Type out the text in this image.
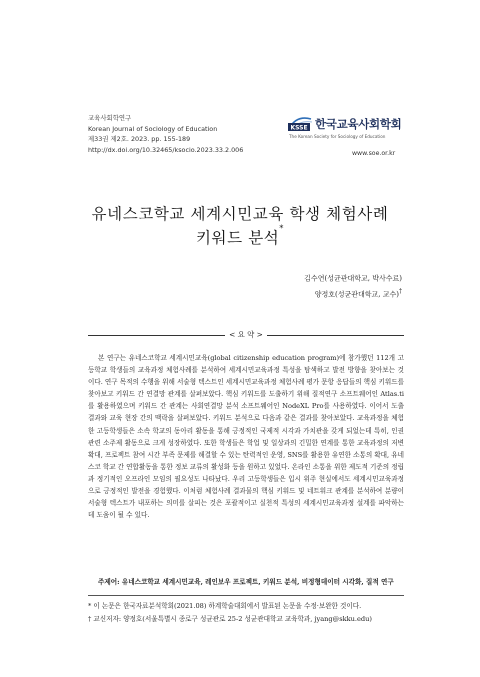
교육사회학연구
Korean Journal of Sociology of Education
제33권 제2호. 2023. pp. 155-189
http://dx.doi.org/10.32465/ksocio.2023.33.2.006
KSSE 한국교육사회학회
The Korean Society for Sociology of Education
www.soe.or.kr
유네스코학교 세계시민교육 학생 체험사례
키워드 분석*
김수연(성균관대학교, 박사수료)
양정호(성균관대학교, 교수)†
< 요 약 >

본 연구는 유네스코학교 세계시민교육(global citizenship education program)에 참가했던 112개 고등학교 학생들의 교육과정 체험사례를 분석하여 세계시민교육과정 특성을 탐색하고 발전 방향을 찾아보는 것이다. 연구 목적의 수행을 위해 서술형 텍스트인 세계시민교육과정 체험사례 평가 문항 응답들의 핵심 키워드를 찾아보고 키워드 간 연결망 관계를 살펴보았다. 핵심 키워드를 도출하기 위해 질적연구 소프트웨어인 Atlas.ti를 활용하였으며 키워드 간 관계는 사회연결망 분석 소프트웨어인 NodeXL Pro를 사용하였다. 이어서 도출 결과와 교육 현장 간의 맥락을 살펴보았다. 키워드 분석으로 다음과 같은 결과를 찾아보았다. 교육과정을 체험한 고등학생들은 소속 학교의 동아리 활동을 통해 긍정적인 국제적 시각과 가치관을 갖게 되었는데 특히, 인권 관련 소주제 활동으로 크게 성장하였다. 또한 학생들은 학업 및 일상과의 긴밀한 연계를 통한 교육과정의 저변 확대, 프로젝트 참여 시간 부족 문제를 해결할 수 있는 탄력적인 운영, SNS를 활용한 유연한 소통의 확대, 유네스코 학교 간 연합활동을 통한 정보 교류의 활성화 등을 원하고 있었다. 온라인 소통을 위한 제도적 기준의 정립과 정기적인 오프라인 모임의 필요성도 나타났다. 우리 고등학생들은 입시 위주 현실에서도 세계시민교육과정으로 긍정적인 발전을 경험했다. 이처럼 체험사례 결과물의 핵심 키워드 및 네트워크 관계를 분석하여 분량이 서술형 텍스트가 내포하는 의미를 살피는 것은 포괄적이고 실천적 특성의 세계시민교육과정 설계를 파악하는 데 도움이 될 수 있다.

주제어: 유네스코학교 세계시민교육, 레인보우 프로젝트, 키워드 분석, 비정형데이터 시각화, 질적 연구
* 이 논문은 한국자료분석학회(2021.08) 하계학술대회에서 발표된 논문을 수정·보완한 것이다.
† 교신저자: 양정호(서울특별시 종로구 성균관로 25-2 성균관대학교 교육학과, jyang@skku.edu)
